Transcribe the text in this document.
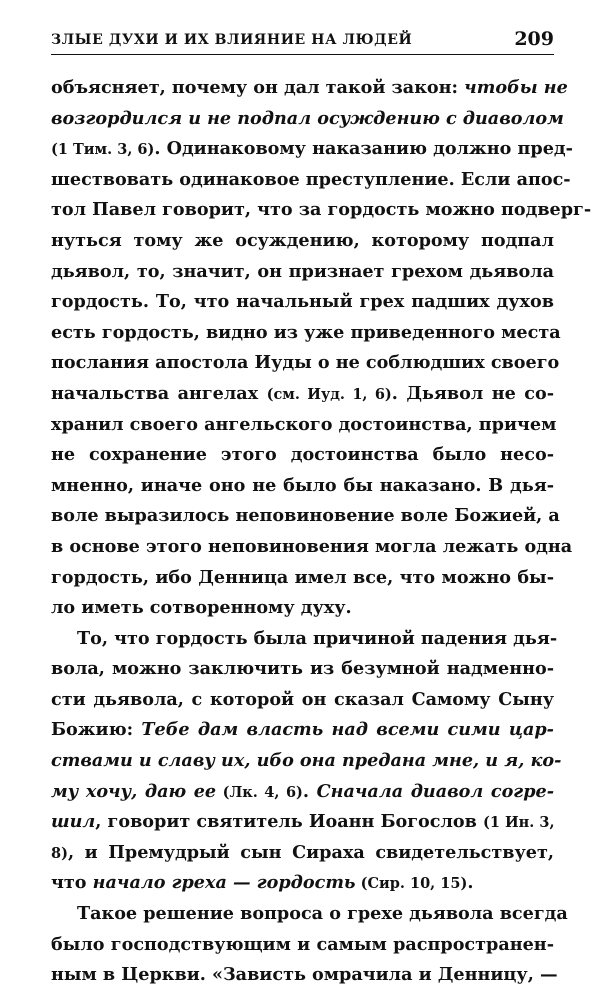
ЗЛЫЕ ДУХИ И ИХ ВЛИЯНИЕ НА ЛЮДЕЙ	209
объясняет, почему он дал такой закон: чтобы не
возгордился и не подпал осуждению с диаволом
(1 Тим. 3, 6). Одинаковому наказанию должно пред-
шествовать одинаковое преступление. Если апос-
тол Павел говорит, что за гордость можно подверг-
нуться тому же осуждению, которому подпал
дьявол, то, значит, он признает грехом дьявола
гордость. То, что начальный грех падших духов
есть гордость, видно из уже приведенного места
послания апостола Иуды о не соблюдших своего
начальства ангелах (см. Иуд. 1, 6). Дьявол не со-
хранил своего ангельского достоинства, причем
не сохранение этого достоинства было несо-
мненно, иначе оно не было бы наказано. В дья-
воле выразилось неповиновение воле Божией, а
в основе этого неповиновения могла лежать одна
гордость, ибо Денница имел все, что можно бы-
ло иметь сотворенному духу.
То, что гордость была причиной падения дья-
вола, можно заключить из безумной надменно-
сти дьявола, с которой он сказал Самому Сыну
Божию: Тебе дам власть над всеми сими цар-
ствами и славу их, ибо она предана мне, и я, ко-
му хочу, даю ее (Лк. 4, 6). Сначала диавол согре-
шил, говорит святитель Иоанн Богослов (1 Ин. 3,
8), и Премудрый сын Сираха свидетельствует,
что начало греха — гордость (Сир. 10, 15).
Такое решение вопроса о грехе дьявола всегда
было господствующим и самым распространен-
ным в Церкви. «Зависть омрачила и Денницу, —
